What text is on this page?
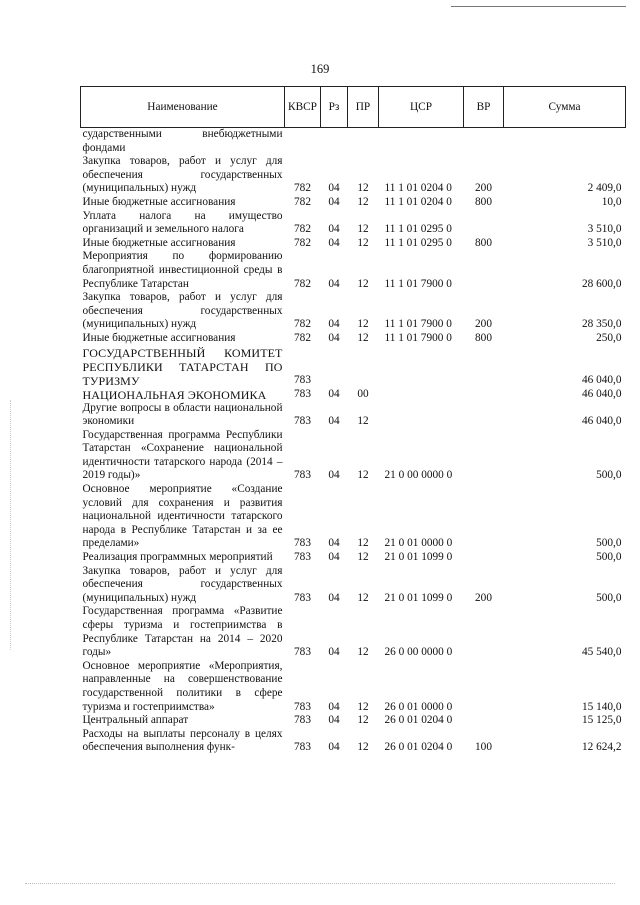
169
Наименование	КВСР	Рз	ПР	ЦСР	ВР	Сумма
сударственными внебюджетными фондами						
Закупка товаров, работ и услуг для обеспечения государственных (муниципальных) нужд	782	04	12	11 1 01 0204 0	200	2 409,0
Иные бюджетные ассигнования	782	04	12	11 1 01 0204 0	800	10,0
Уплата налога на имущество организаций и земельного налога	782	04	12	11 1 01 0295 0		3 510,0
Иные бюджетные ассигнования	782	04	12	11 1 01 0295 0	800	3 510,0
Мероприятия по формированию благоприятной инвестиционной среды в Республике Татарстан	782	04	12	11 1 01 7900 0		28 600,0
Закупка товаров, работ и услуг для обеспечения государственных (муниципальных) нужд	782	04	12	11 1 01 7900 0	200	28 350,0
Иные бюджетные ассигнования	782	04	12	11 1 01 7900 0	800	250,0
ГОСУДАРСТВЕННЫЙ КОМИТЕТ РЕСПУБЛИКИ ТАТАРСТАН ПО ТУРИЗМУ	783					46 040,0
НАЦИОНАЛЬНАЯ ЭКОНОМИКА	783	04	00			46 040,0
Другие вопросы в области национальной экономики	783	04	12			46 040,0
Государственная программа Республики Татарстан «Сохранение национальной идентичности татарского народа (2014 – 2019 годы)»	783	04	12	21 0 00 0000 0		500,0
Основное мероприятие «Создание условий для сохранения и развития национальной идентичности татарского народа в Республике Татарстан и за ее пределами»	783	04	12	21 0 01 0000 0		500,0
Реализация программных мероприятий	783	04	12	21 0 01 1099 0		500,0
Закупка товаров, работ и услуг для обеспечения государственных (муниципальных) нужд	783	04	12	21 0 01 1099 0	200	500,0
Государственная программа «Развитие сферы туризма и гостеприимства в Республике Татарстан на 2014 – 2020 годы»	783	04	12	26 0 00 0000 0		45 540,0
Основное мероприятие «Мероприятия, направленные на совершенствование государственной политики в сфере туризма и гостеприимства»	783	04	12	26 0 01 0000 0		15 140,0
Центральный аппарат	783	04	12	26 0 01 0204 0		15 125,0
Расходы на выплаты персоналу в целях обеспечения выполнения функ-	783	04	12	26 0 01 0204 0	100	12 624,2
